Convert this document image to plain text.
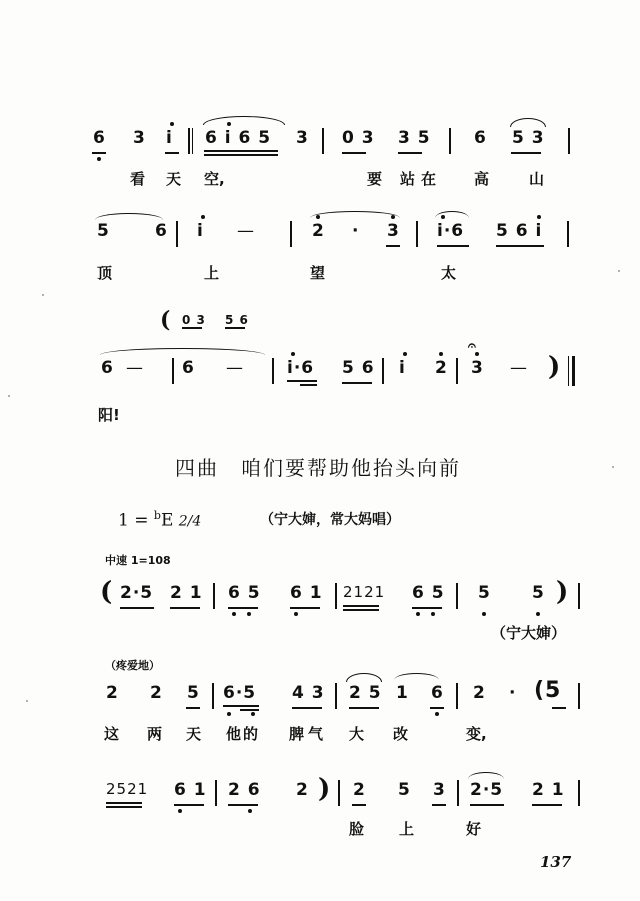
6 3 i 6 i 6 5 3 0 3 3 5	6 5 3
看 天 空,	要 站在 高	山
5	6 i —	2 · 3 i·6 5 6 i
顶	上	望	太
( 0 3 5 6
6 — 6 —	i·6 5 6 i 2 3
𝄐
— )
阳!
四曲　咱们要帮助他抬头向前
1 = $^b$E 2/4	（宁大婶，常大妈唱）
中速 1=108
( 2·5 2 1 6 5 6 1 2121 6 5 5 5 )
（宁大婶）
（疼爱地）
2 2 5 6·5 4 3 2 5 1 6 2 · (5
这 两 天 他的 脾气 大 改	变,
2521 6 1 2 6 2 ) 2 5 3 2·5 2 1
脸 上	好
137
